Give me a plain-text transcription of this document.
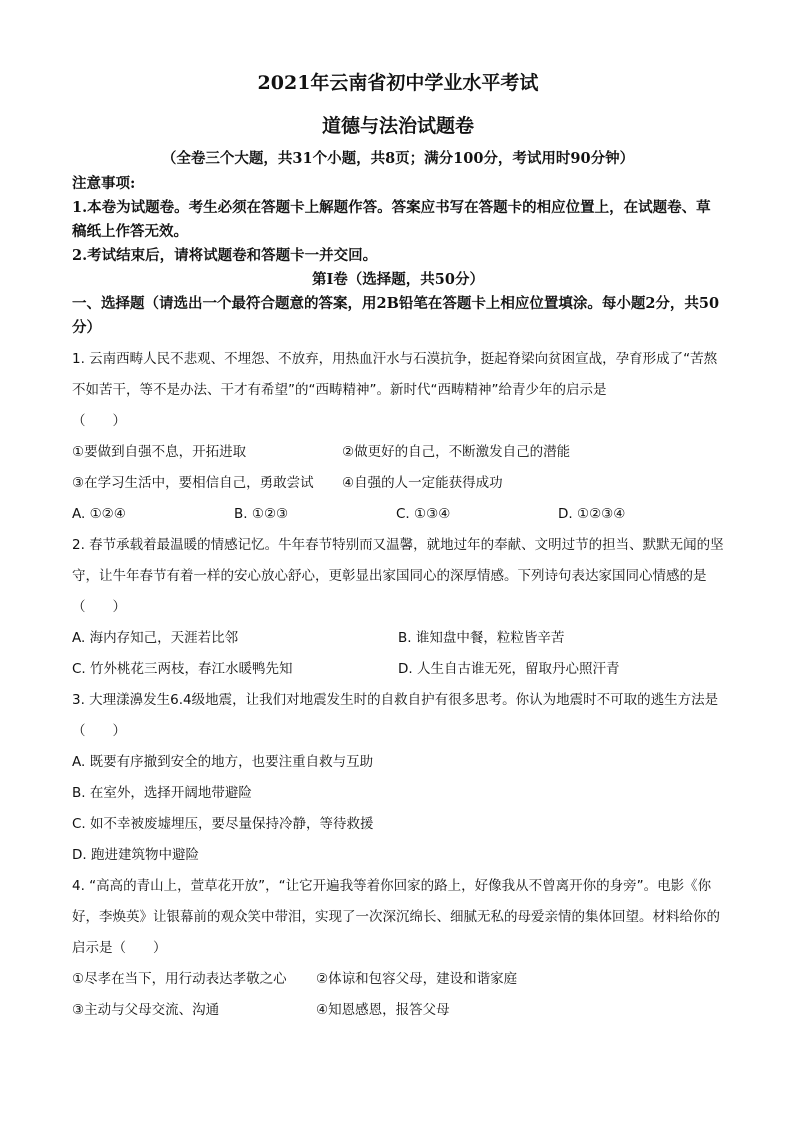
2021年云南省初中学业水平考试
道德与法治试题卷
（全卷三个大题，共31个小题，共8页；满分100分，考试用时90分钟）
注意事项:
1.本卷为试题卷。考生必须在答题卡上解题作答。答案应书写在答题卡的相应位置上，在试题卷、草稿纸上作答无效。
2.考试结束后，请将试题卷和答题卡一并交回。
第Ⅰ卷（选择题，共50分）
一、选择题（请选出一个最符合题意的答案，用2B铅笔在答题卡上相应位置填涂。每小题2分，共50分）
1. 云南西畴人民不悲观、不埋怨、不放弃，用热血汗水与石漠抗争，挺起脊梁向贫困宣战，孕育形成了“苦熬不如苦干，等不是办法、干才有希望”的“西畴精神”。新时代“西畴精神”给青少年的启示是
（　　）
①要做到自强不息，开拓进取	②做更好的自己，不断激发自己的潜能
③在学习生活中，要相信自己，勇敢尝试	④自强的人一定能获得成功
A. ①②④	B. ①②③	C. ①③④	D. ①②③④
2. 春节承载着最温暖的情感记忆。牛年春节特别而又温馨，就地过年的奉献、文明过节的担当、默默无闻的坚守，让牛年春节有着一样的安心放心舒心，更彰显出家国同心的深厚情感。下列诗句表达家国同心情感的是（　　）
A. 海内存知己，天涯若比邻	B. 谁知盘中餐，粒粒皆辛苦
C. 竹外桃花三两枝，春江水暖鸭先知	D. 人生自古谁无死，留取丹心照汗青
3. 大理漾濞发生6.4级地震，让我们对地震发生时的自救自护有很多思考。你认为地震时不可取的逃生方法是（　　）
A. 既要有序撤到安全的地方，也要注重自救与互助
B. 在室外，选择开阔地带避险
C. 如不幸被废墟埋压，要尽量保持冷静，等待救援
D. 跑进建筑物中避险
4. “高高的青山上，萱草花开放”，“让它开遍我等着你回家的路上，好像我从不曾离开你的身旁”。电影《你好，李焕英》让银幕前的观众笑中带泪，实现了一次深沉绵长、细腻无私的母爱亲情的集体回望。材料给你的启示是（　　）
①尽孝在当下，用行动表达孝敬之心	②体谅和包容父母，建设和谐家庭
③主动与父母交流、沟通	④知恩感恩，报答父母
